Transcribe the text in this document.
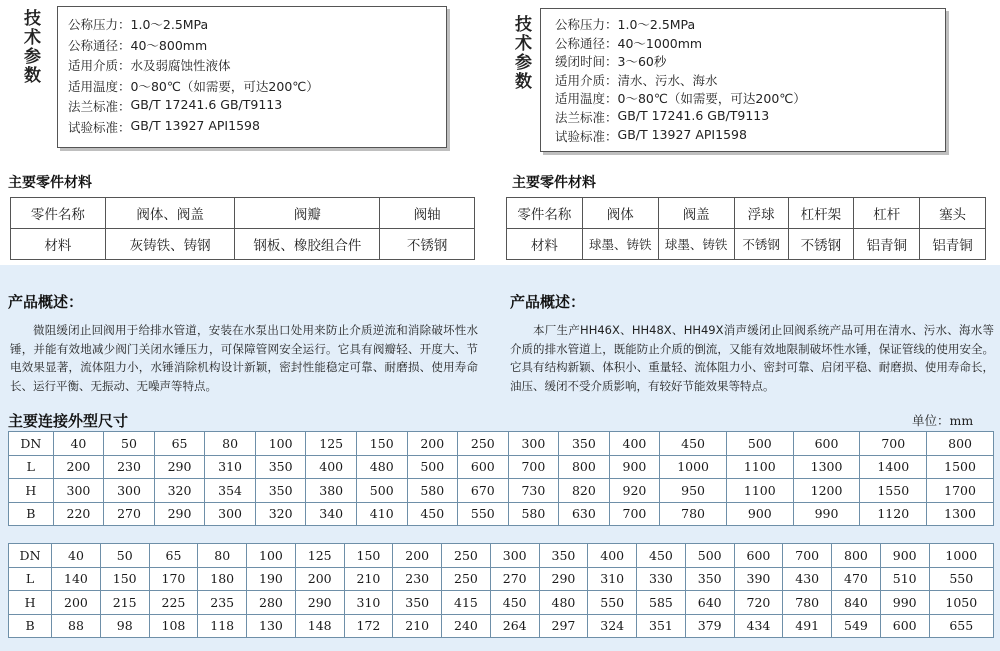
技
术
参
数
公称压力： 1.0～2.5MPa
公称通径： 40～800mm
适用介质： 水及弱腐蚀性液体
适用温度： 0～80℃（如需要，可达200℃）
法兰标准： GB/T 17241.6 GB/T9113
试验标准： GB/T 13927 API1598
技
术
参
数
公称压力： 1.0～2.5MPa
公称通径： 40～1000mm
缓闭时间： 3～60秒
适用介质： 清水、污水、海水
适用温度： 0～80℃（如需要，可达200℃）
法兰标准： GB/T 17241.6 GB/T9113
试验标准： GB/T 13927 API1598
主要零件材料	主要零件材料
零件名称	阀体、阀盖	阀瓣	阀轴
材料	灰铸铁、铸钢	钢板、橡胶组合件	不锈钢
零件名称	阀体	阀盖	浮球	杠杆架	杠杆	塞头
材料	球墨、铸铁	球墨、铸铁	不锈钢	不锈钢	铝青铜	铝青铜
产品概述：
微阻缓闭止回阀用于给排水管道，安装在水泵出口处用来防止介质逆流和消除破坏性水锤，并能有效地减少阀门关闭水锤压力，可保障管网安全运行。它具有阀瓣轻、开度大、节电效果显著，流体阻力小，水锤消除机构设计新颖，密封性能稳定可靠、耐磨损、使用寿命长、运行平衡、无振动、无噪声等特点。
产品概述：
本厂生产HH46X、HH48X、HH49X消声缓闭止回阀系统产品可用在清水、污水、海水等介质的排水管道上，既能防止介质的倒流，又能有效地限制破坏性水锤，保证管线的使用安全。它具有结构新颖、体积小、重量轻、流体阻力小、密封可靠、启闭平稳、耐磨损、使用寿命长，油压、缓闭不受介质影响，有较好节能效果等特点。
主要连接外型尺寸	单位：mm
DN	40	50	65	80	100	125	150	200	250	300	350	400	450	500	600	700	800
L	200	230	290	310	350	400	480	500	600	700	800	900	1000	1100	1300	1400	1500
H	300	300	320	354	350	380	500	580	670	730	820	920	950	1100	1200	1550	1700
B	220	270	290	300	320	340	410	450	550	580	630	700	780	900	990	1120	1300
DN	40	50	65	80	100	125	150	200	250	300	350	400	450	500	600	700	800	900	1000
L	140	150	170	180	190	200	210	230	250	270	290	310	330	350	390	430	470	510	550
H	200	215	225	235	280	290	310	350	415	450	480	550	585	640	720	780	840	990	1050
B	88	98	108	118	130	148	172	210	240	264	297	324	351	379	434	491	549	600	655
